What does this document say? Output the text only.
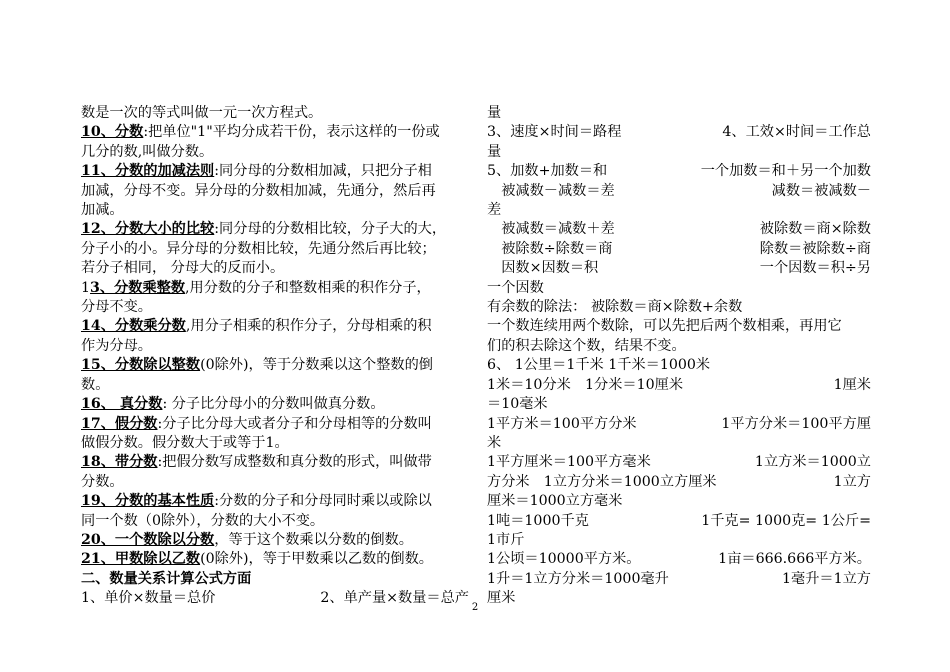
数是一次的等式叫做一元一次方程式。

10、分数:把单位"1"平均分成若干份，表示这样的一份或

几分的数,叫做分数。

11、分数的加减法则:同分母的分数相加减，只把分子相

加减，分母不变。异分母的分数相加减，先通分，然后再

加减。

12、分数大小的比较:同分母的分数相比较，分子大的大，

分子小的小。异分母的分数相比较，先通分然后再比较；

若分子相同， 分母大的反而小。

13、分数乘整数,用分数的分子和整数相乘的积作分子，

分母不变。

14、分数乘分数,用分子相乘的积作分子，分母相乘的积

作为分母。

15、分数除以整数(0除外)，等于分数乘以这个整数的倒

数。

16、 真分数: 分子比分母小的分数叫做真分数。

17、假分数:分子比分母大或者分子和分母相等的分数叫

做假分数。假分数大于或等于1。

18、带分数:把假分数写成整数和真分数的形式，叫做带

分数。

19、分数的基本性质:分数的分子和分母同时乘以或除以

同一个数（0除外），分数的大小不变。

20、一个数除以分数，等于这个数乘以分数的倒数。

21、甲数除以乙数(0除外)，等于甲数乘以乙数的倒数。

二、数量关系计算公式方面

1、单价×数量＝总价	2、单产量×数量＝总产

量

3、速度×时间＝路程	4、工效×时间＝工作总

量

5、加数+加数＝和	一个加数＝和＋另一个加数

　被减数－减数＝差	减数＝被减数－

差

　被减数＝减数＋差	被除数＝商×除数

　被除数÷除数＝商	除数＝被除数÷商

　因数×因数＝积	一个因数＝积÷另

一个因数

有余数的除法： 被除数＝商×除数+余数

一个数连续用两个数除，可以先把后两个数相乘，再用它

们的积去除这个数，结果不变。

6、 1公里＝1千米 1千米＝1000米

1米＝10分米　1分米＝10厘米	1厘米

＝10毫米

1平方米＝100平方分米	1平方分米＝100平方厘

米

1平方厘米＝100平方毫米	1立方米＝1000立

方分米　1立方分米＝1000立方厘米	1立方

厘米＝1000立方毫米

1吨＝1000千克	1千克= 1000克= 1公斤=

1市斤

1公顷＝10000平方米。	1亩＝666.666平方米。

1升＝1立方分米＝1000毫升	1毫升＝1立方

厘米

2
